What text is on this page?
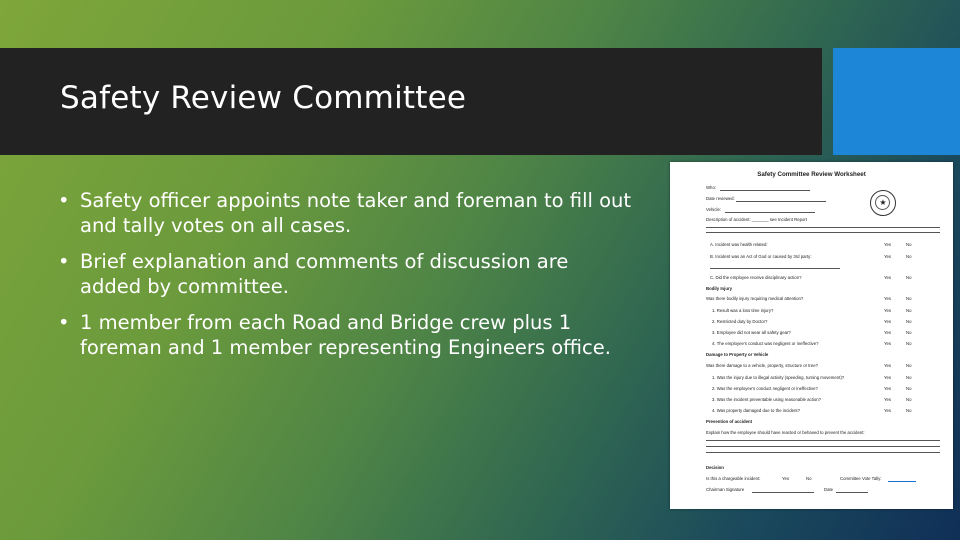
Safety Review Committee
• Safety officer appoints note taker and foreman to fill out and tally votes on all cases.
• Brief explanation and comments of discussion are added by committee.
• 1 member from each Road and Bridge crew plus 1 foreman and 1 member representing Engineers office.
Safety Committee Review Worksheet
★
Who:
Date reviewed:
Vehicle:
Description of accident: _______ see Incident Report
A. Incident was health related:	Yes	No
B. Incident was an Act of God or caused by 3rd party:	Yes	No
C. Did the employee receive disciplinary action?	Yes	No
Bodily Injury
Was there bodily injury requiring medical attention?	Yes	No
1. Result was a loss time injury?	Yes	No
2. Restricted duty by Doctor?	Yes	No
3. Employee did not wear all safety gear?	Yes	No
4. The employee's conduct was negligent or ineffective?	Yes	No
Damage to Property or Vehicle
Was there damage to a vehicle, property, structure or tree?	Yes	No
1. Was the injury due to illegal activity (speeding, turning movement)?	Yes	No
2. Was the employee's conduct negligent or ineffective?	Yes	No
3. Was the incident preventable using reasonable action?	Yes	No
4. Was property damaged due to the incident?	Yes	No
Prevention of accident
Explain how the employee should have reacted or behaved to prevent the accident:
Decision
Is this a chargeable incident:	Yes	No	Committee Vote Tally:
Chairman Signature	Date
